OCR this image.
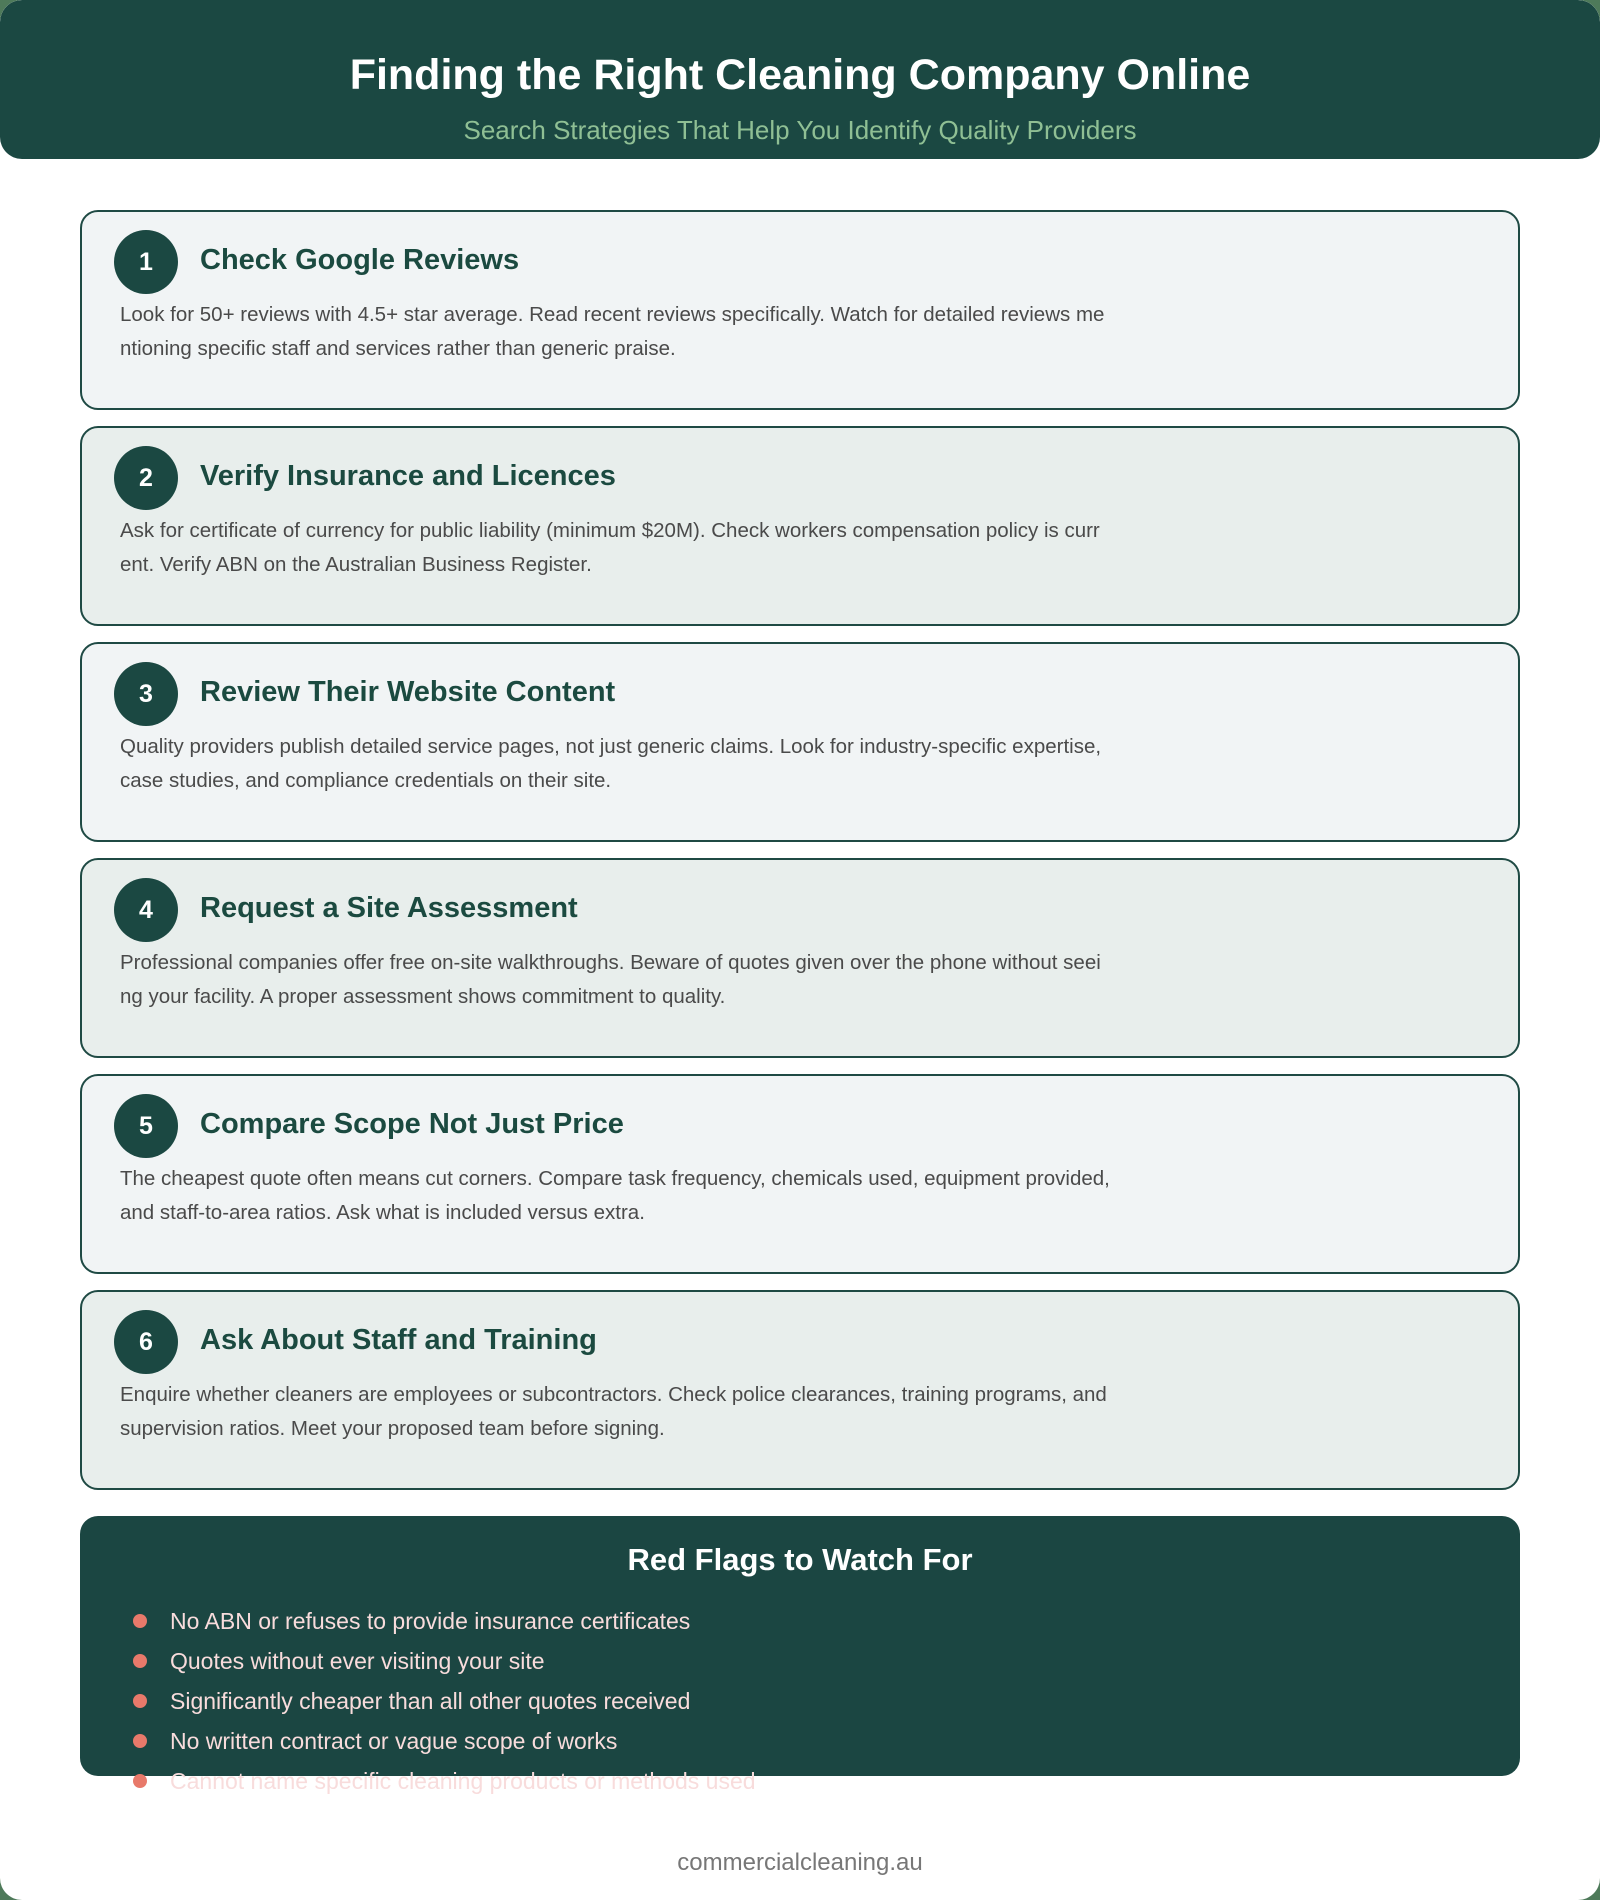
Finding the Right Cleaning Company Online
Search Strategies That Help You Identify Quality Providers
1	Check Google Reviews
Look for 50+ reviews with 4.5+ star average. Read recent reviews specifically. Watch for detailed reviews mentioning specific staff and services rather than generic praise.
2	Verify Insurance and Licences
Ask for certificate of currency for public liability (minimum $20M). Check workers compensation policy is current. Verify ABN on the Australian Business Register.
3	Review Their Website Content
Quality providers publish detailed service pages, not just generic claims. Look for industry-specific expertise, case studies, and compliance credentials on their site.
4	Request a Site Assessment
Professional companies offer free on-site walkthroughs. Beware of quotes given over the phone without seeing your facility. A proper assessment shows commitment to quality.
5	Compare Scope Not Just Price
The cheapest quote often means cut corners. Compare task frequency, chemicals used, equipment provided, and staff-to-area ratios. Ask what is included versus extra.
6	Ask About Staff and Training
Enquire whether cleaners are employees or subcontractors. Check police clearances, training programs, and supervision ratios. Meet your proposed team before signing.
Red Flags to Watch For
No ABN or refuses to provide insurance certificates
Quotes without ever visiting your site
Significantly cheaper than all other quotes received
No written contract or vague scope of works
Cannot name specific cleaning products or methods used
commercialcleaning.au
